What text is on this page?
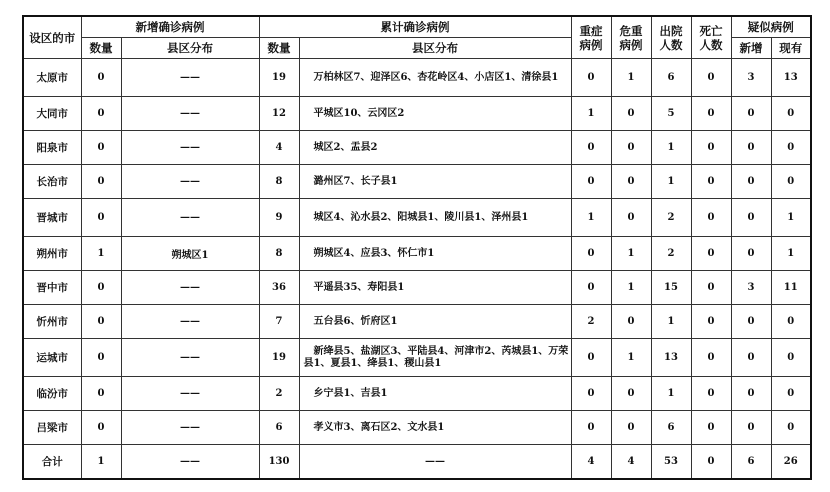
设区的市	新增确诊病例		累计确诊病例		重症病例	危重病例	出院人数	死亡人数	疑似病例	
	数量	县区分布	数量	县区分布					新增	现有
太原市	0	——	19	万柏林区7、迎泽区6、杏花岭区4、小店区1、清徐县1	0	1	6	0	3	13
大同市	0	——	12	平城区10、云冈区2	1	0	5	0	0	0
阳泉市	0	——	4	城区2、盂县2	0	0	1	0	0	0
长治市	0	——	8	潞州区7、长子县1	0	0	1	0	0	0
晋城市	0	——	9	城区4、沁水县2、阳城县1、陵川县1、泽州县1	1	0	2	0	0	1
朔州市	1	朔城区1	8	朔城区4、应县3、怀仁市1	0	1	2	0	0	1
晋中市	0	——	36	平遥县35、寿阳县1	0	1	15	0	3	11
忻州市	0	——	7	五台县6、忻府区1	2	0	1	0	0	0
运城市	0	——	19	新绛县5、盐湖区3、平陆县4、河津市2、芮城县1、万荣县1、夏县1、绛县1、稷山县1	0	1	13	0	0	0
临汾市	0	——	2	乡宁县1、吉县1	0	0	1	0	0	0
吕梁市	0	——	6	孝义市3、离石区2、文水县1	0	0	6	0	0	0
合计	1	——	130	——	4	4	53	0	6	26
